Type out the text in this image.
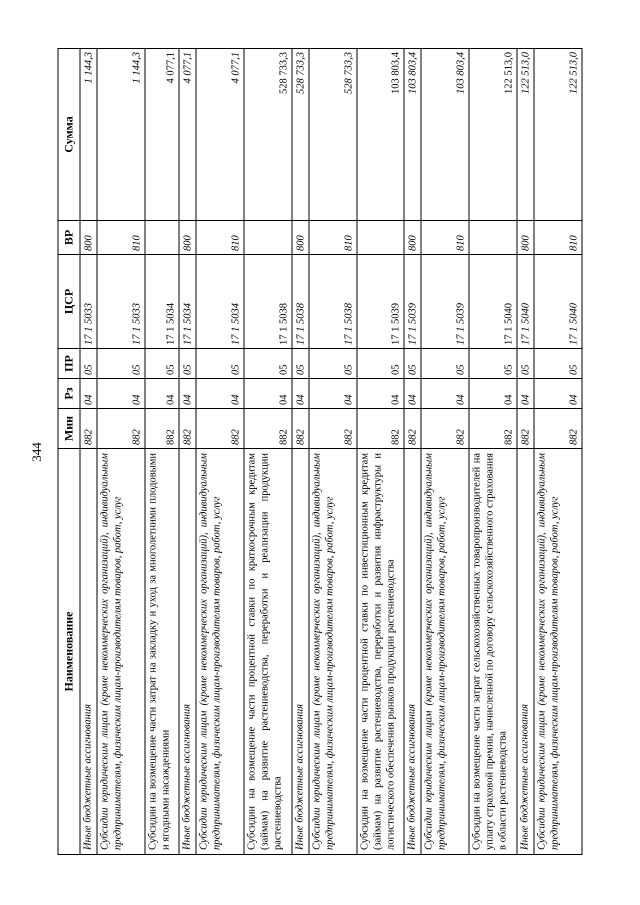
344
Наименование	Мин	Рз	ПР	ЦСР	ВР	Сумма
Иные бюджетные ассигнования	882	04	05	17 1 5033	800	1 144,3
Субсидии юридическим лицам (кроме некоммерческих организаций), индивидуальным предпринимателям, физическим лицам-производителям товаров, работ, услуг	882	04	05	17 1 5033	810	1 144,3
Субсидии на возмещение части затрат на закладку и уход за многолетними плодовыми и ягодными насаждениями	882	04	05	17 1 5034		4 077,1
Иные бюджетные ассигнования	882	04	05	17 1 5034	800	4 077,1
Субсидии юридическим лицам (кроме некоммерческих организаций), индивидуальным предпринимателям, физическим лицам-производителям товаров, работ, услуг	882	04	05	17 1 5034	810	4 077,1
Субсидии на возмещение части процентной ставки по краткосрочным кредитам (займам) на развитие растениеводства, переработки и реализации продукции растениеводства	882	04	05	17 1 5038		528 733,3
Иные бюджетные ассигнования	882	04	05	17 1 5038	800	528 733,3
Субсидии юридическим лицам (кроме некоммерческих организаций), индивидуальным предпринимателям, физическим лицам-производителям товаров, работ, услуг	882	04	05	17 1 5038	810	528 733,3
Субсидии на возмещение части процентной ставки по инвестиционным кредитам (займам) на развитие растениеводства, переработки и развития инфраструктуры и логистического обеспечения рынков продукции растениеводства	882	04	05	17 1 5039		103 803,4
Иные бюджетные ассигнования	882	04	05	17 1 5039	800	103 803,4
Субсидии юридическим лицам (кроме некоммерческих организаций), индивидуальным предпринимателям, физическим лицам-производителям товаров, работ, услуг	882	04	05	17 1 5039	810	103 803,4
Субсидии на возмещение части затрат сельскохозяйственных товаропроизводителей на уплату страховой премии, начисленной по договору сельскохозяйственного страхования в области растениеводства	882	04	05	17 1 5040		122 513,0
Иные бюджетные ассигнования	882	04	05	17 1 5040	800	122 513,0
Субсидии юридическим лицам (кроме некоммерческих организаций), индивидуальным предпринимателям, физическим лицам-производителям товаров, работ, услуг	882	04	05	17 1 5040	810	122 513,0
